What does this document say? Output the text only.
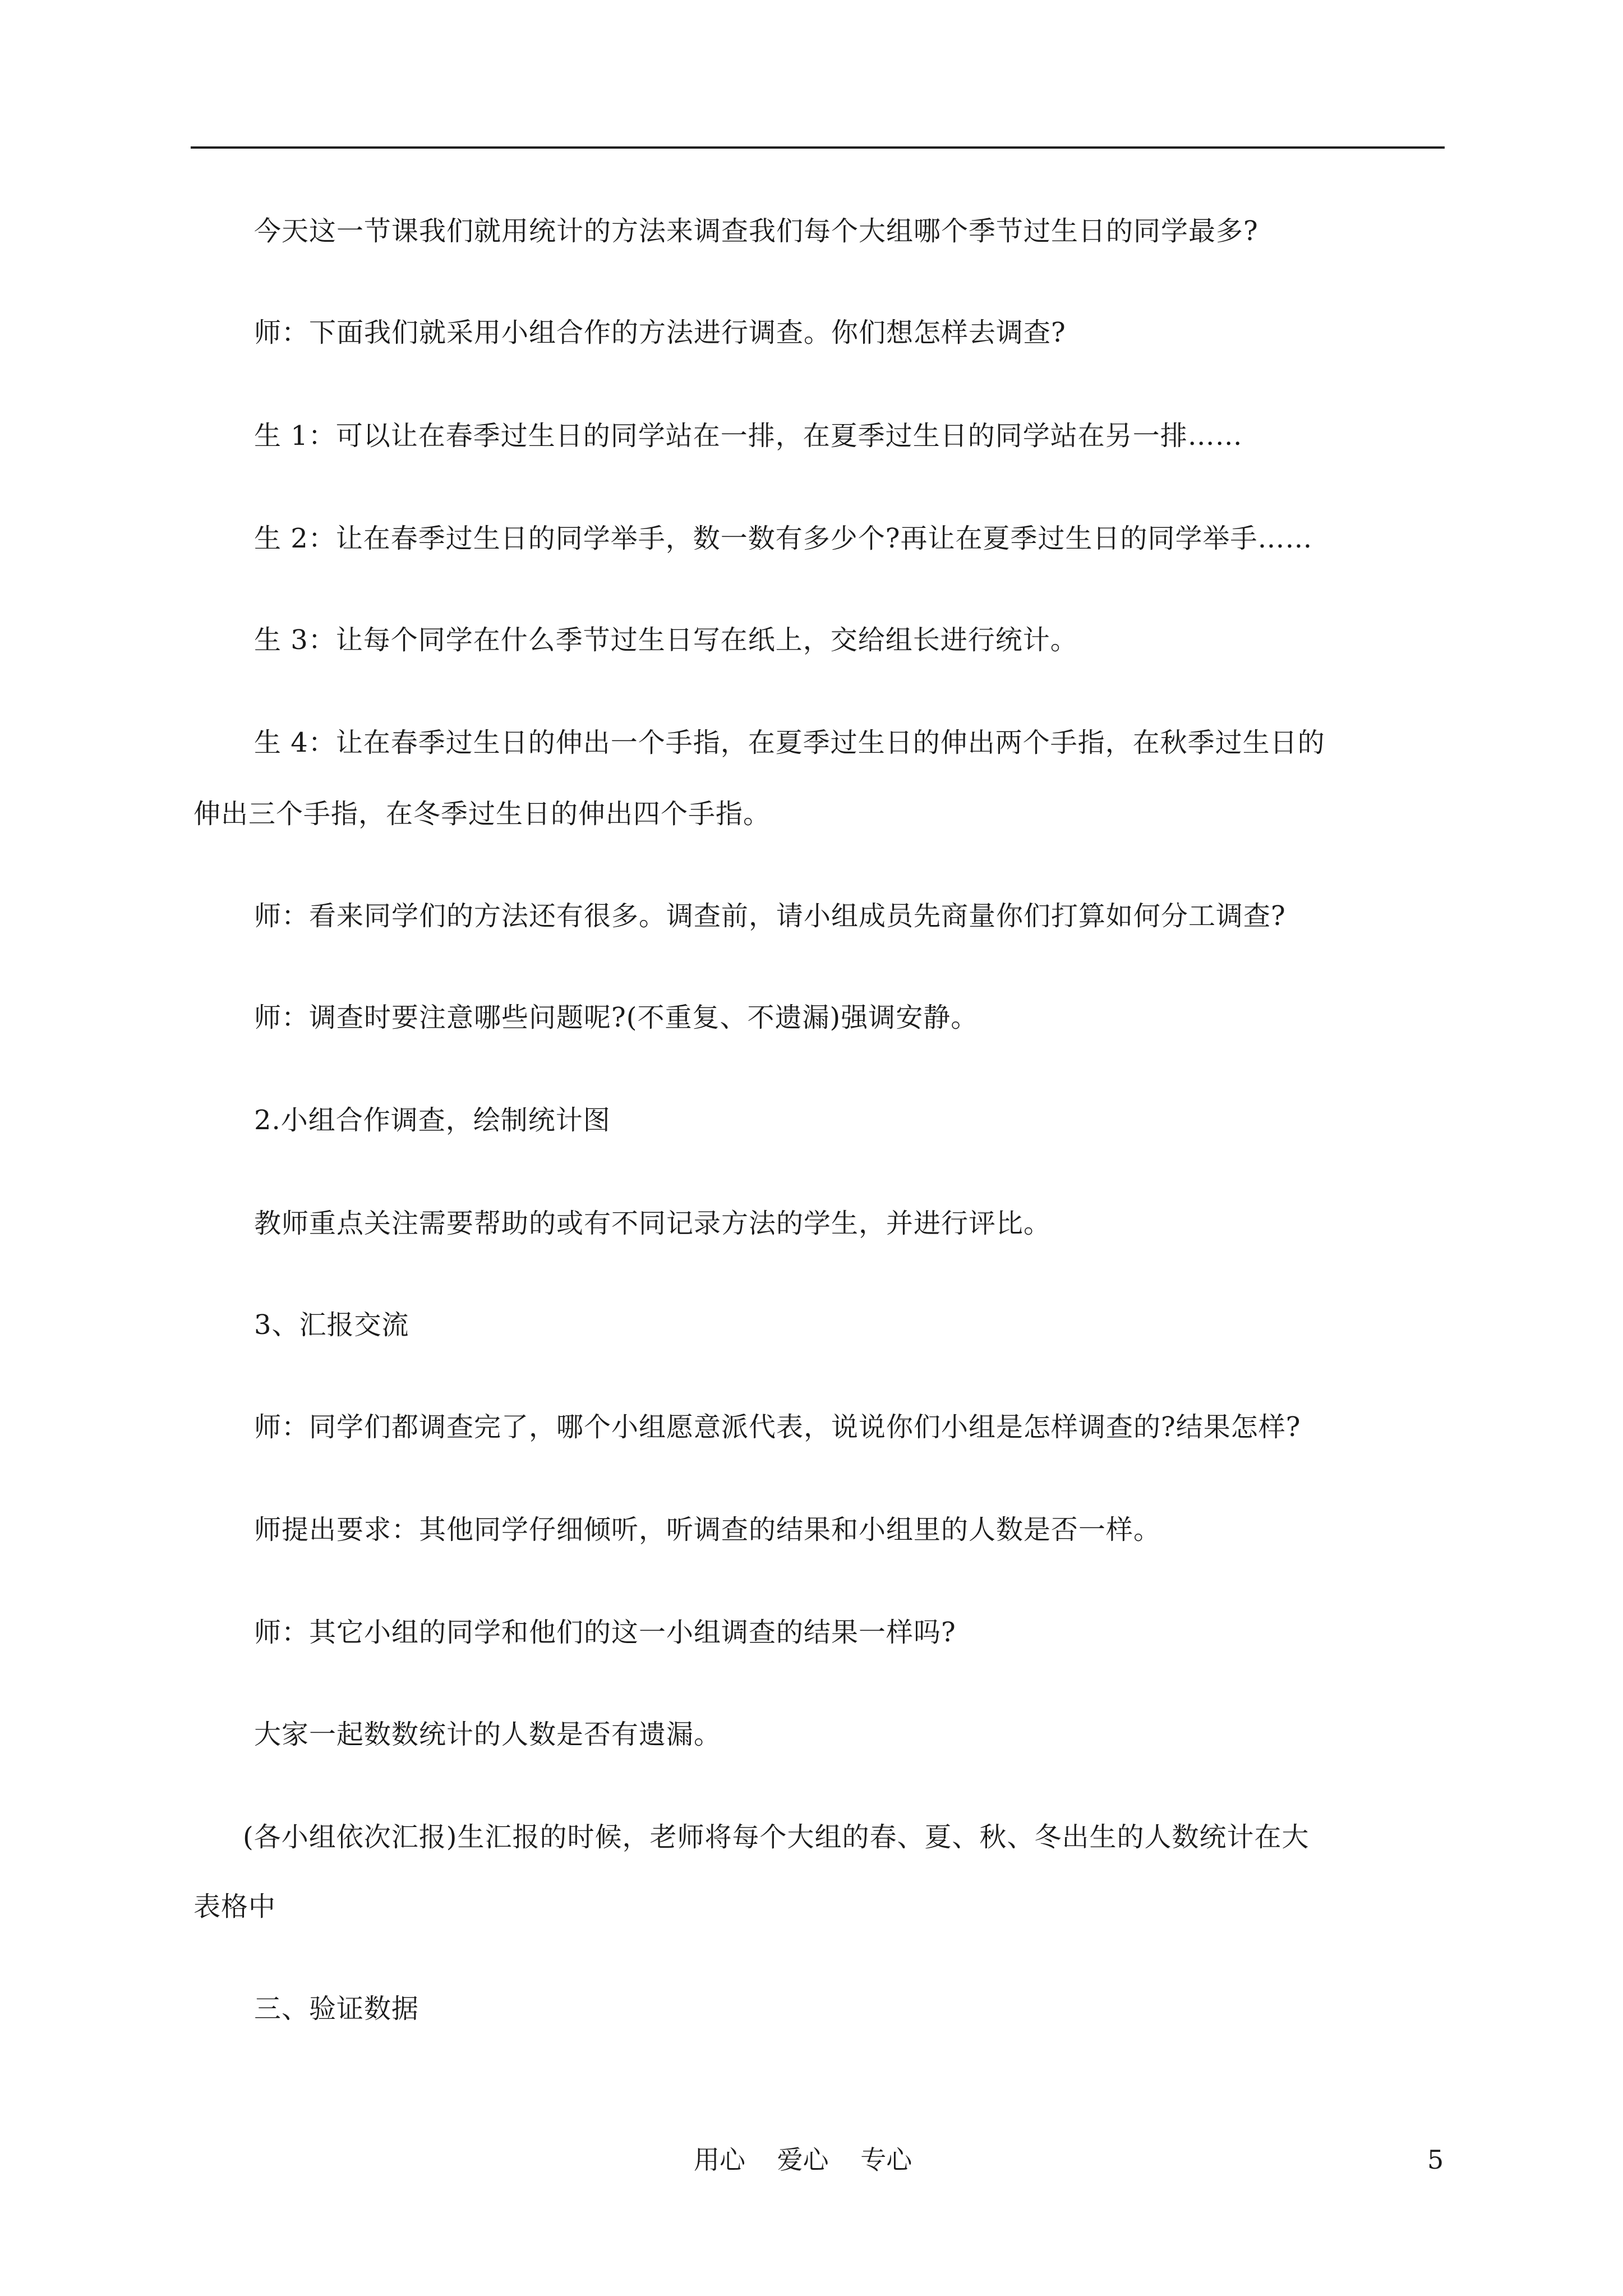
今天这一节课我们就用统计的方法来调查我们每个大组哪个季节过生日的同学最多?
师：下面我们就采用小组合作的方法进行调查。你们想怎样去调查?
生 1：可以让在春季过生日的同学站在一排，在夏季过生日的同学站在另一排……
生 2：让在春季过生日的同学举手，数一数有多少个?再让在夏季过生日的同学举手……
生 3：让每个同学在什么季节过生日写在纸上，交给组长进行统计。
生 4：让在春季过生日的伸出一个手指，在夏季过生日的伸出两个手指，在秋季过生日的
伸出三个手指，在冬季过生日的伸出四个手指。
师：看来同学们的方法还有很多。调查前，请小组成员先商量你们打算如何分工调查?
师：调查时要注意哪些问题呢?(不重复、不遗漏)强调安静。
2.小组合作调查，绘制统计图
教师重点关注需要帮助的或有不同记录方法的学生，并进行评比。
3、汇报交流
师：同学们都调查完了，哪个小组愿意派代表，说说你们小组是怎样调查的?结果怎样?
师提出要求：其他同学仔细倾听，听调查的结果和小组里的人数是否一样。
师：其它小组的同学和他们的这一小组调查的结果一样吗?
大家一起数数统计的人数是否有遗漏。
(各小组依次汇报)生汇报的时候，老师将每个大组的春、夏、秋、冬出生的人数统计在大
表格中
三、验证数据
用心 爱心 专心	5
